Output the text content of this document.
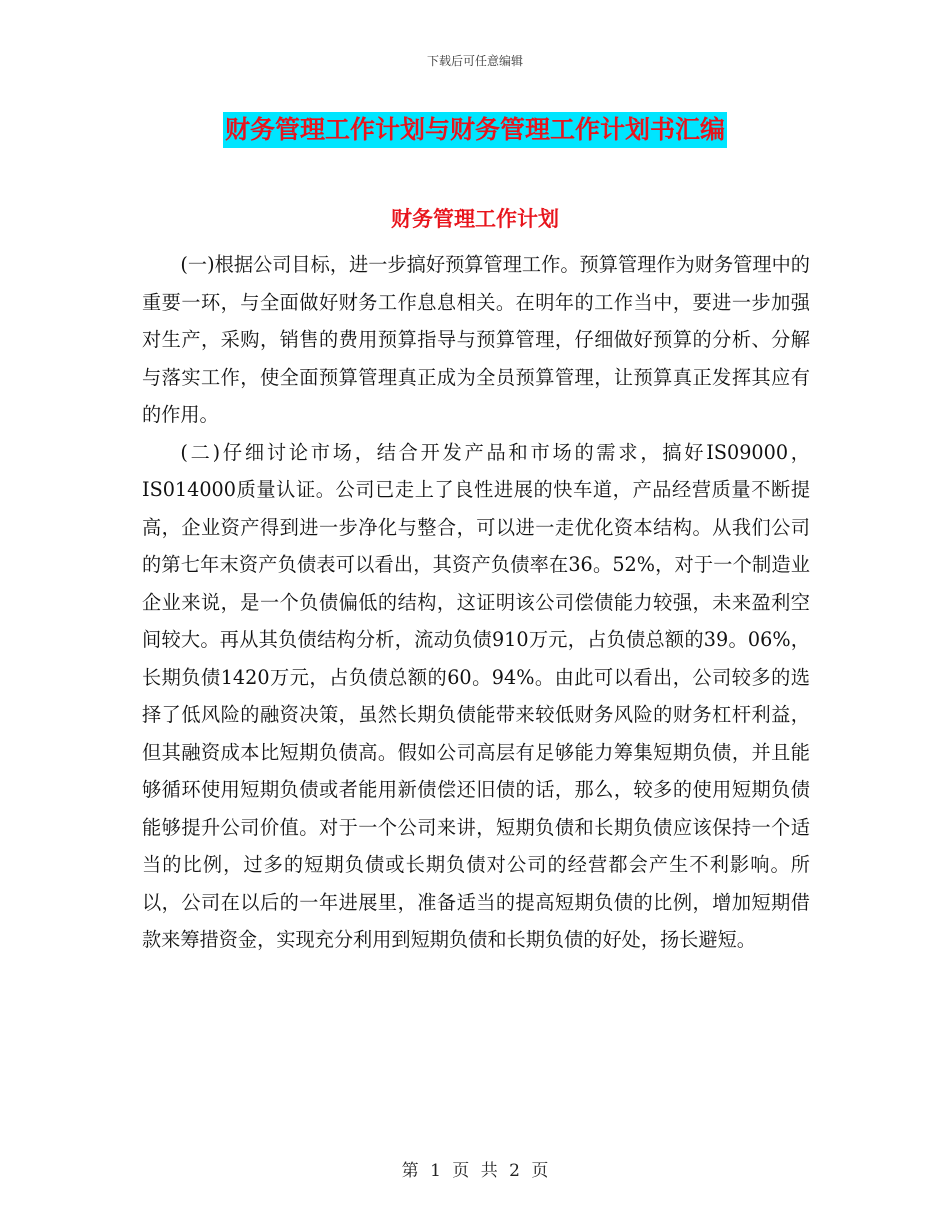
下载后可任意编辑
财务管理工作计划与财务管理工作计划书汇编
财务管理工作计划

(一)根据公司目标，进一步搞好预算管理工作。预算管理作为财务管理中的重要一环，与全面做好财务工作息息相关。在明年的工作当中，要进一步加强对生产，采购，销售的费用预算指导与预算管理，仔细做好预算的分析、分解与落实工作，使全面预算管理真正成为全员预算管理，让预算真正发挥其应有的作用。

(二)仔细讨论市场，结合开发产品和市场的需求，搞好IS09000，IS014000质量认证。公司已走上了良性进展的快车道，产品经营质量不断提高，企业资产得到进一步净化与整合，可以进一走优化资本结构。从我们公司的第七年末资产负债表可以看出，其资产负债率在36。52%，对于一个制造业企业来说，是一个负债偏低的结构，这证明该公司偿债能力较强，未来盈利空间较大。再从其负债结构分析，流动负债910万元，占负债总额的39。06%，长期负债1420万元，占负债总额的60。94%。由此可以看出，公司较多的选择了低风险的融资决策，虽然长期负债能带来较低财务风险的财务杠杆利益，但其融资成本比短期负债高。假如公司高层有足够能力筹集短期负债，并且能够循环使用短期负债或者能用新债偿还旧债的话，那么，较多的使用短期负债能够提升公司价值。对于一个公司来讲，短期负债和长期负债应该保持一个适当的比例，过多的短期负债或长期负债对公司的经营都会产生不利影响。所以，公司在以后的一年进展里，准备适当的提高短期负债的比例，增加短期借款来筹措资金，实现充分利用到短期负债和长期负债的好处，扬长避短。

第 1 页 共 2 页
